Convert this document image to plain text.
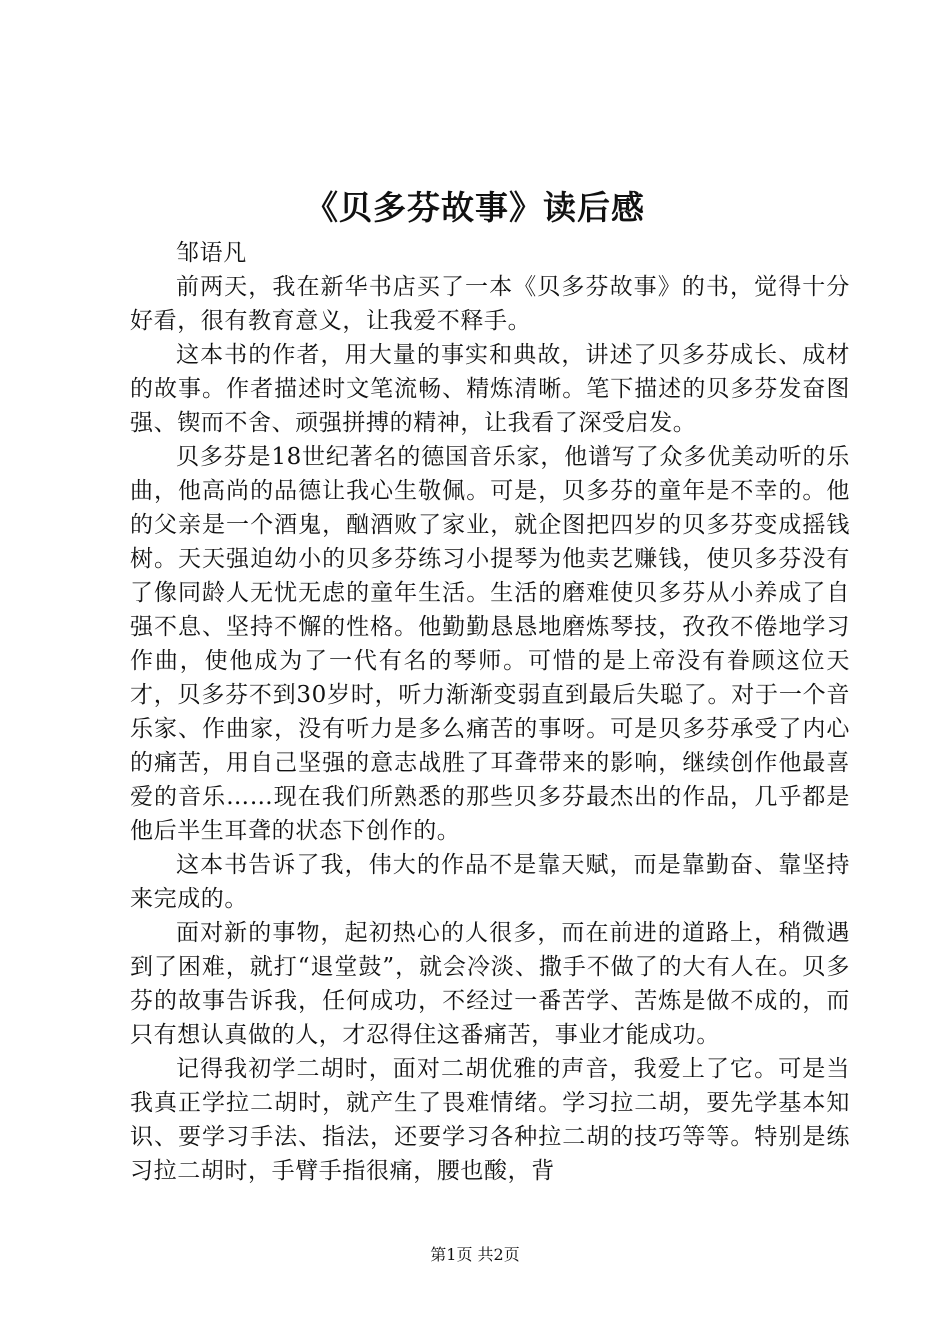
《贝多芬故事》读后感

邹语凡

前两天，我在新华书店买了一本《贝多芬故事》的书，觉得十分好看，很有教育意义，让我爱不释手。

这本书的作者，用大量的事实和典故，讲述了贝多芬成长、成材的故事。作者描述时文笔流畅、精炼清晰。笔下描述的贝多芬发奋图强、锲而不舍、顽强拼搏的精神，让我看了深受启发。

贝多芬是18世纪著名的德国音乐家，他谱写了众多优美动听的乐曲，他高尚的品德让我心生敬佩。可是，贝多芬的童年是不幸的。他的父亲是一个酒鬼，酗酒败了家业，就企图把四岁的贝多芬变成摇钱树。天天强迫幼小的贝多芬练习小提琴为他卖艺赚钱，使贝多芬没有了像同龄人无忧无虑的童年生活。生活的磨难使贝多芬从小养成了自强不息、坚持不懈的性格。他勤勤恳恳地磨炼琴技，孜孜不倦地学习作曲，使他成为了一代有名的琴师。可惜的是上帝没有眷顾这位天才，贝多芬不到30岁时，听力渐渐变弱直到最后失聪了。对于一个音乐家、作曲家，没有听力是多么痛苦的事呀。可是贝多芬承受了内心的痛苦，用自己坚强的意志战胜了耳聋带来的影响，继续创作他最喜爱的音乐……现在我们所熟悉的那些贝多芬最杰出的作品，几乎都是他后半生耳聋的状态下创作的。

这本书告诉了我，伟大的作品不是靠天赋，而是靠勤奋、靠坚持来完成的。

面对新的事物，起初热心的人很多，而在前进的道路上，稍微遇到了困难，就打“退堂鼓”，就会冷淡、撒手不做了的大有人在。贝多芬的故事告诉我，任何成功，不经过一番苦学、苦炼是做不成的，而只有想认真做的人，才忍得住这番痛苦，事业才能成功。

记得我初学二胡时，面对二胡优雅的声音，我爱上了它。可是当我真正学拉二胡时，就产生了畏难情绪。学习拉二胡，要先学基本知识、要学习手法、指法，还要学习各种拉二胡的技巧等等。特别是练习拉二胡时，手臂手指很痛，腰也酸，背

第1页 共2页
